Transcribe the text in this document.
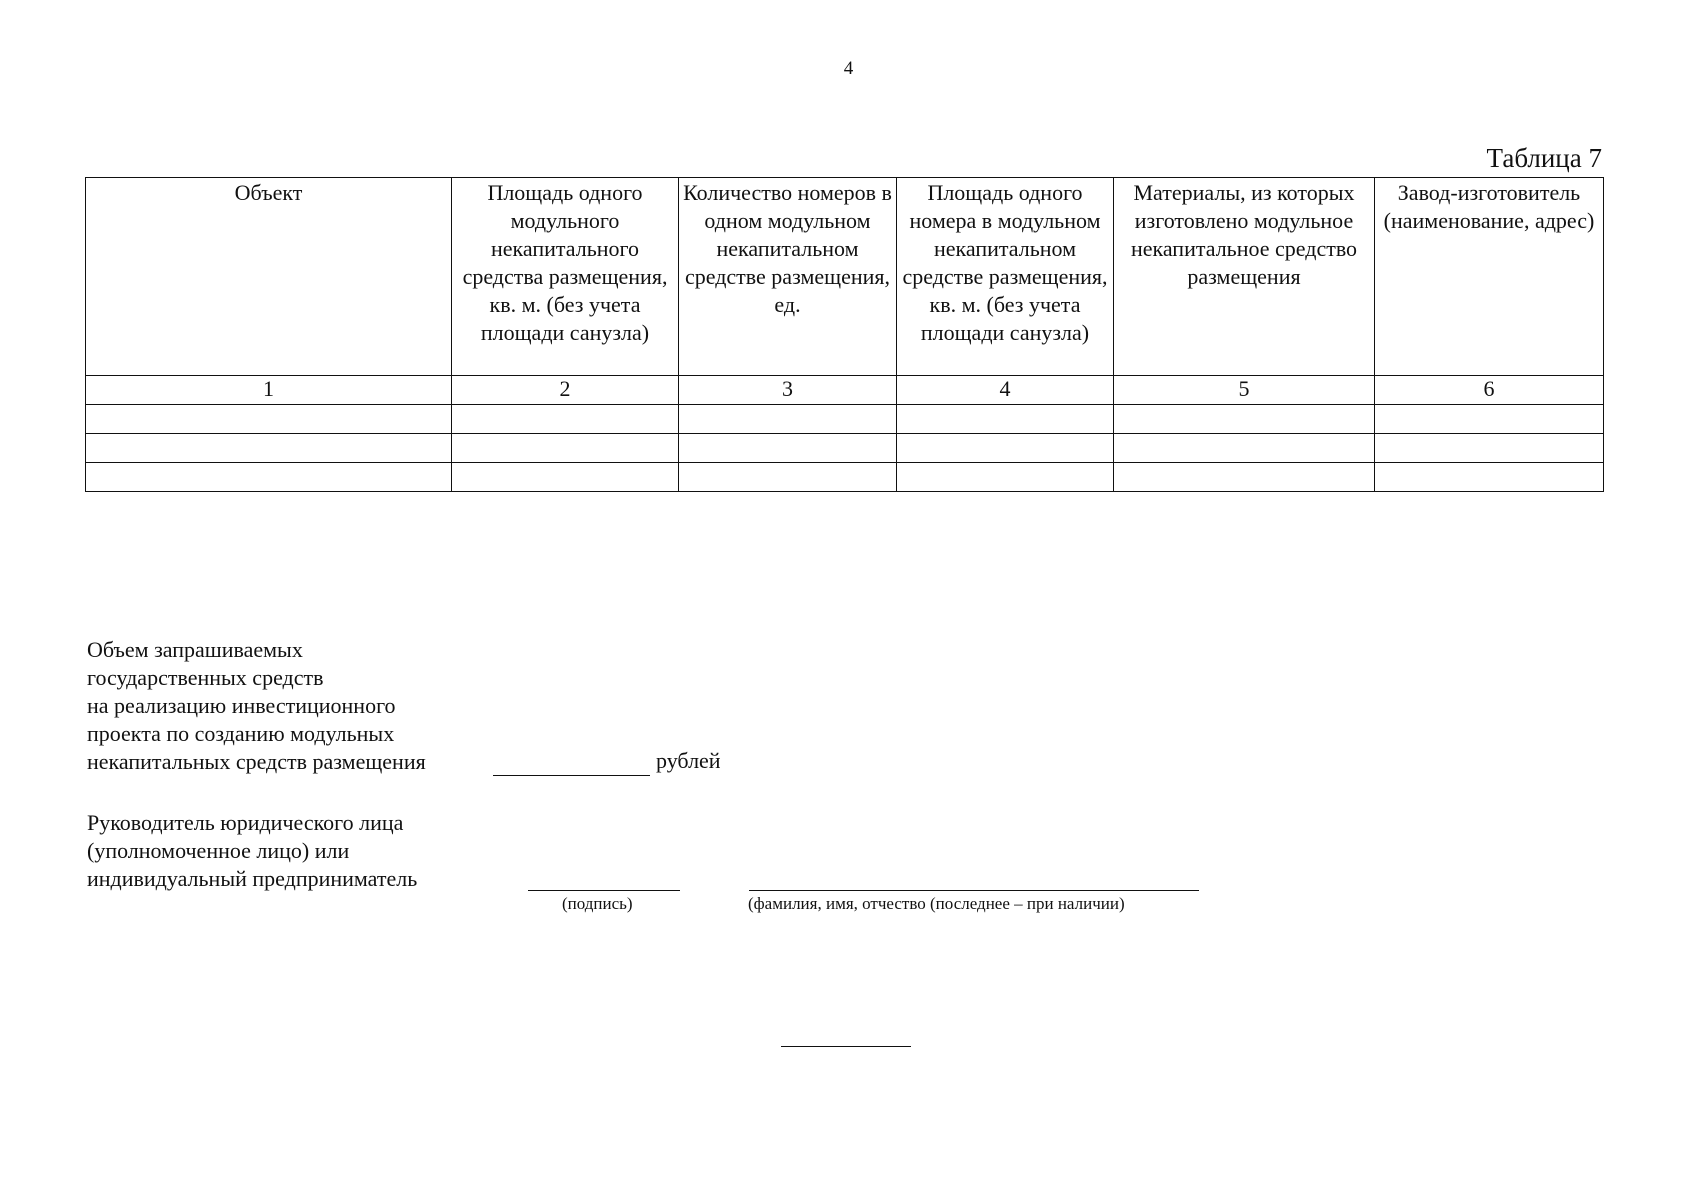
4
Таблица 7
Объект	Площадь одного модульного некапитального средства размещения, кв. м. (без учета площади санузла)	Количество номеров в одном модульном некапитальном средстве размещения, ед.	Площадь одного номера в модульном некапитальном средстве размещения, кв. м. (без учета площади санузла)	Материалы, из которых изготовлено модульное некапитальное средство размещения	Завод-изготовитель (наименование, адрес)
1	2	3	4	5	6

Объем запрашиваемых
государственных средств
на реализацию инвестиционного
проекта по созданию модульных
некапитальных средств размещения	рублей
Руководитель юридического лица
(уполномоченное лицо) или
индивидуальный предприниматель
(подпись)	(фамилия, имя, отчество (последнее – при наличии)
